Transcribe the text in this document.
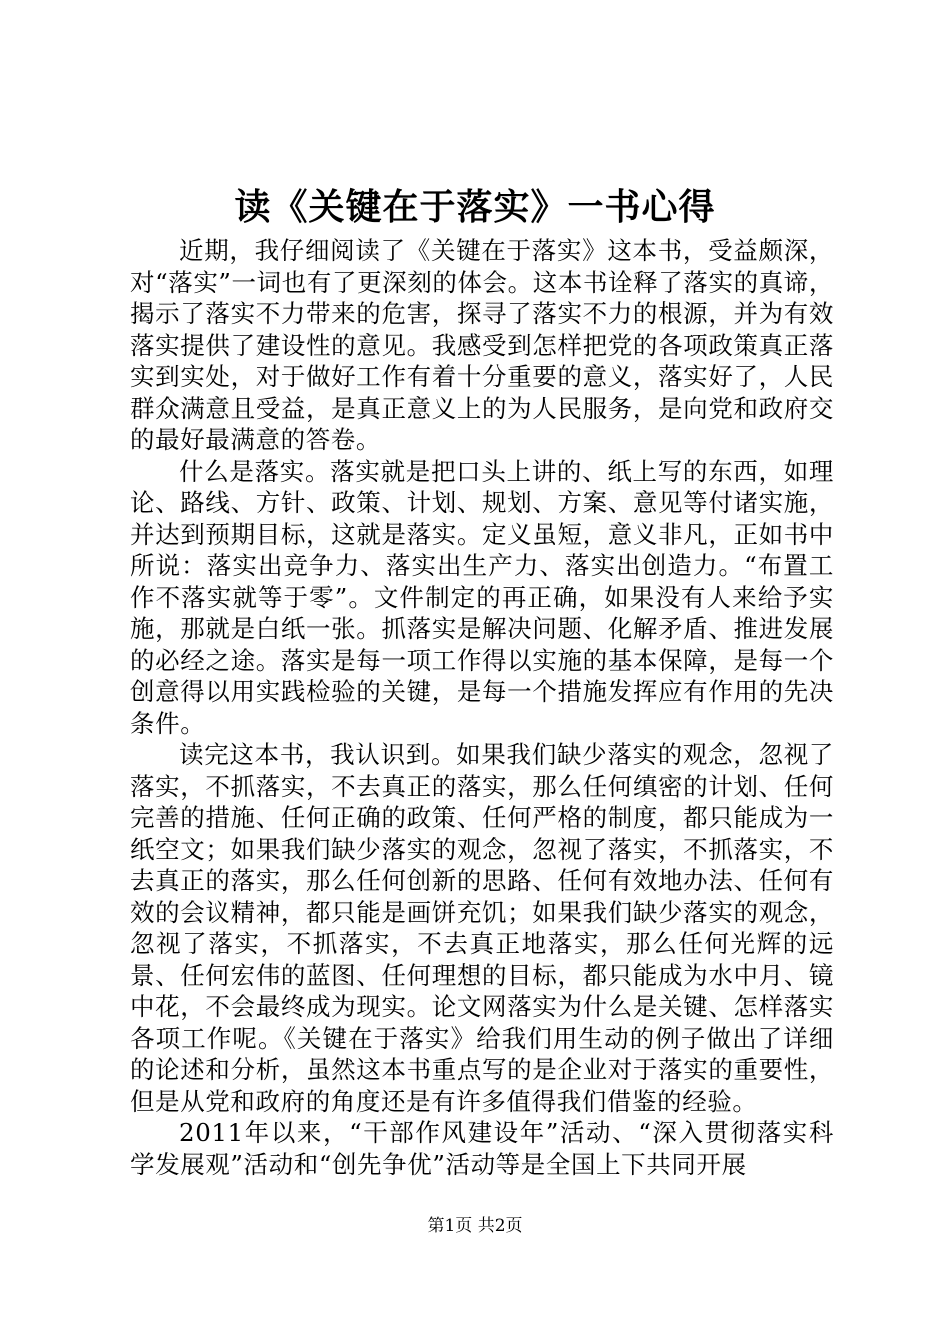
读《关键在于落实》一书心得

近期，我仔细阅读了《关键在于落实》这本书，受益颇深，对“落实”一词也有了更深刻的体会。这本书诠释了落实的真谛，揭示了落实不力带来的危害，探寻了落实不力的根源，并为有效落实提供了建设性的意见。我感受到怎样把党的各项政策真正落实到实处，对于做好工作有着十分重要的意义，落实好了，人民群众满意且受益，是真正意义上的为人民服务，是向党和政府交的最好最满意的答卷。

什么是落实。落实就是把口头上讲的、纸上写的东西，如理论、路线、方针、政策、计划、规划、方案、意见等付诸实施，并达到预期目标，这就是落实。定义虽短，意义非凡，正如书中所说：落实出竞争力、落实出生产力、落实出创造力。“布置工作不落实就等于零”。文件制定的再正确，如果没有人来给予实施，那就是白纸一张。抓落实是解决问题、化解矛盾、推进发展的必经之途。落实是每一项工作得以实施的基本保障，是每一个创意得以用实践检验的关键，是每一个措施发挥应有作用的先决条件。

读完这本书，我认识到。如果我们缺少落实的观念，忽视了落实，不抓落实，不去真正的落实，那么任何缜密的计划、任何完善的措施、任何正确的政策、任何严格的制度，都只能成为一纸空文；如果我们缺少落实的观念，忽视了落实，不抓落实，不去真正的落实，那么任何创新的思路、任何有效地办法、任何有效的会议精神，都只能是画饼充饥；如果我们缺少落实的观念，忽视了落实，不抓落实，不去真正地落实，那么任何光辉的远景、任何宏伟的蓝图、任何理想的目标，都只能成为水中月、镜中花，不会最终成为现实。论文网落实为什么是关键、怎样落实各项工作呢。《关键在于落实》给我们用生动的例子做出了详细的论述和分析，虽然这本书重点写的是企业对于落实的重要性，但是从党和政府的角度还是有许多值得我们借鉴的经验。

2011年以来，“干部作风建设年”活动、“深入贯彻落实科学发展观”活动和“创先争优”活动等是全国上下共同开展

第1页 共2页
